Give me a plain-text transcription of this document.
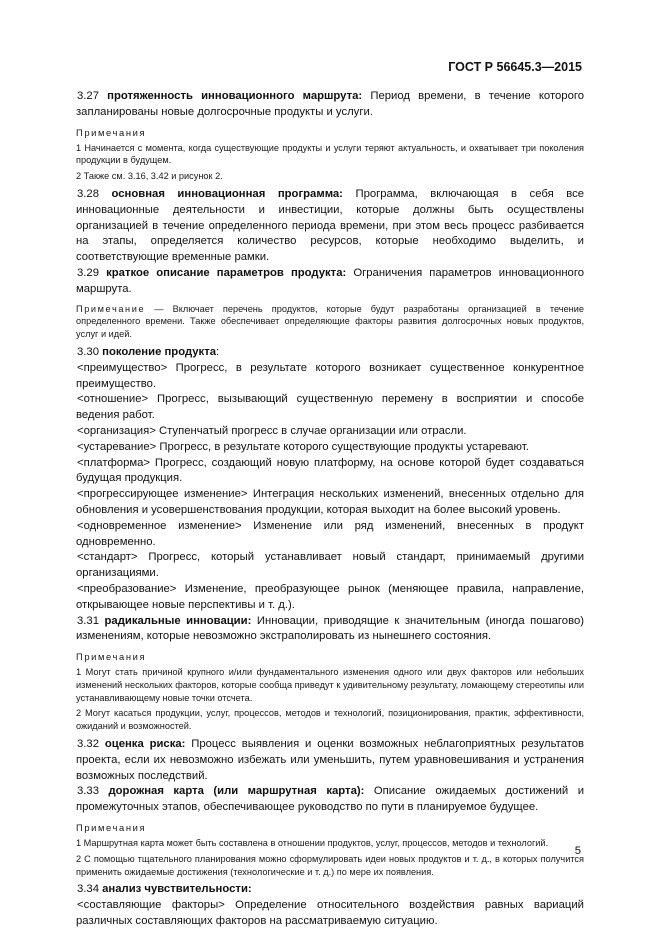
ГОСТ Р 56645.3—2015

3.27 протяженность инновационного маршрута: Период времени, в течение которого запланированы новые долгосрочные продукты и услуги.

Примечания

1 Начинается с момента, когда существующие продукты и услуги теряют актуальность, и охватывает три поколения продукции в будущем.

2 Также см. 3.16, 3.42 и рисунок 2.

3.28 основная инновационная программа: Программа, включающая в себя все инновационные деятельности и инвестиции, которые должны быть осуществлены организацией в течение определенного периода времени, при этом весь процесс разбивается на этапы, определяется количество ресурсов, которые необходимо выделить, и соответствующие временные рамки.

3.29 краткое описание параметров продукта: Ограничения параметров инновационного маршрута.

Примечание — Включает перечень продуктов, которые будут разработаны организацией в течение определенного времени. Также обеспечивает определяющие факторы развития долгосрочных новых продуктов, услуг и идей.

3.30 поколение продукта:

<преимущество> Прогресс, в результате которого возникает существенное конкурентное преимущество.

<отношение> Прогресс, вызывающий существенную перемену в восприятии и способе ведения работ.

<организация> Ступенчатый прогресс в случае организации или отрасли.

<устаревание> Прогресс, в результате которого существующие продукты устаревают.

<платформа> Прогресс, создающий новую платформу, на основе которой будет создаваться будущая продукция.

<прогрессирующее изменение> Интеграция нескольких изменений, внесенных отдельно для обновления и усовершенствования продукции, которая выходит на более высокий уровень.

<одновременное изменение> Изменение или ряд изменений, внесенных в продукт одновременно.

<стандарт> Прогресс, который устанавливает новый стандарт, принимаемый другими организациями.

<преобразование> Изменение, преобразующее рынок (меняющее правила, направление, открывающее новые перспективы и т. д.).

3.31 радикальные инновации: Инновации, приводящие к значительным (иногда пошагово) изменениям, которые невозможно экстраполировать из нынешнего состояния.

Примечания

1 Могут стать причиной крупного и/или фундаментального изменения одного или двух факторов или небольших изменений нескольких факторов, которые сообща приведут к удивительному результату, ломающему стереотипы или устанавливающему новые точки отсчета.

2 Могут касаться продукции, услуг, процессов, методов и технологий, позиционирования, практик, эффективности, ожиданий и возможностей.

3.32 оценка риска: Процесс выявления и оценки возможных неблагоприятных результатов проекта, если их невозможно избежать или уменьшить, путем уравновешивания и устранения возможных последствий.

3.33 дорожная карта (или маршрутная карта): Описание ожидаемых достижений и промежуточных этапов, обеспечивающее руководство по пути в планируемое будущее.

Примечания

1 Маршрутная карта может быть составлена в отношении продуктов, услуг, процессов, методов и технологий.

2 С помощью тщательного планирования можно сформулировать идеи новых продуктов и т. д., в которых получится применить ожидаемые достижения (технологические и т. д.) по мере их появления.

3.34 анализ чувствительности:

<составляющие факторы> Определение относительного воздействия равных вариаций различных составляющих факторов на рассматриваемую ситуацию.

5
